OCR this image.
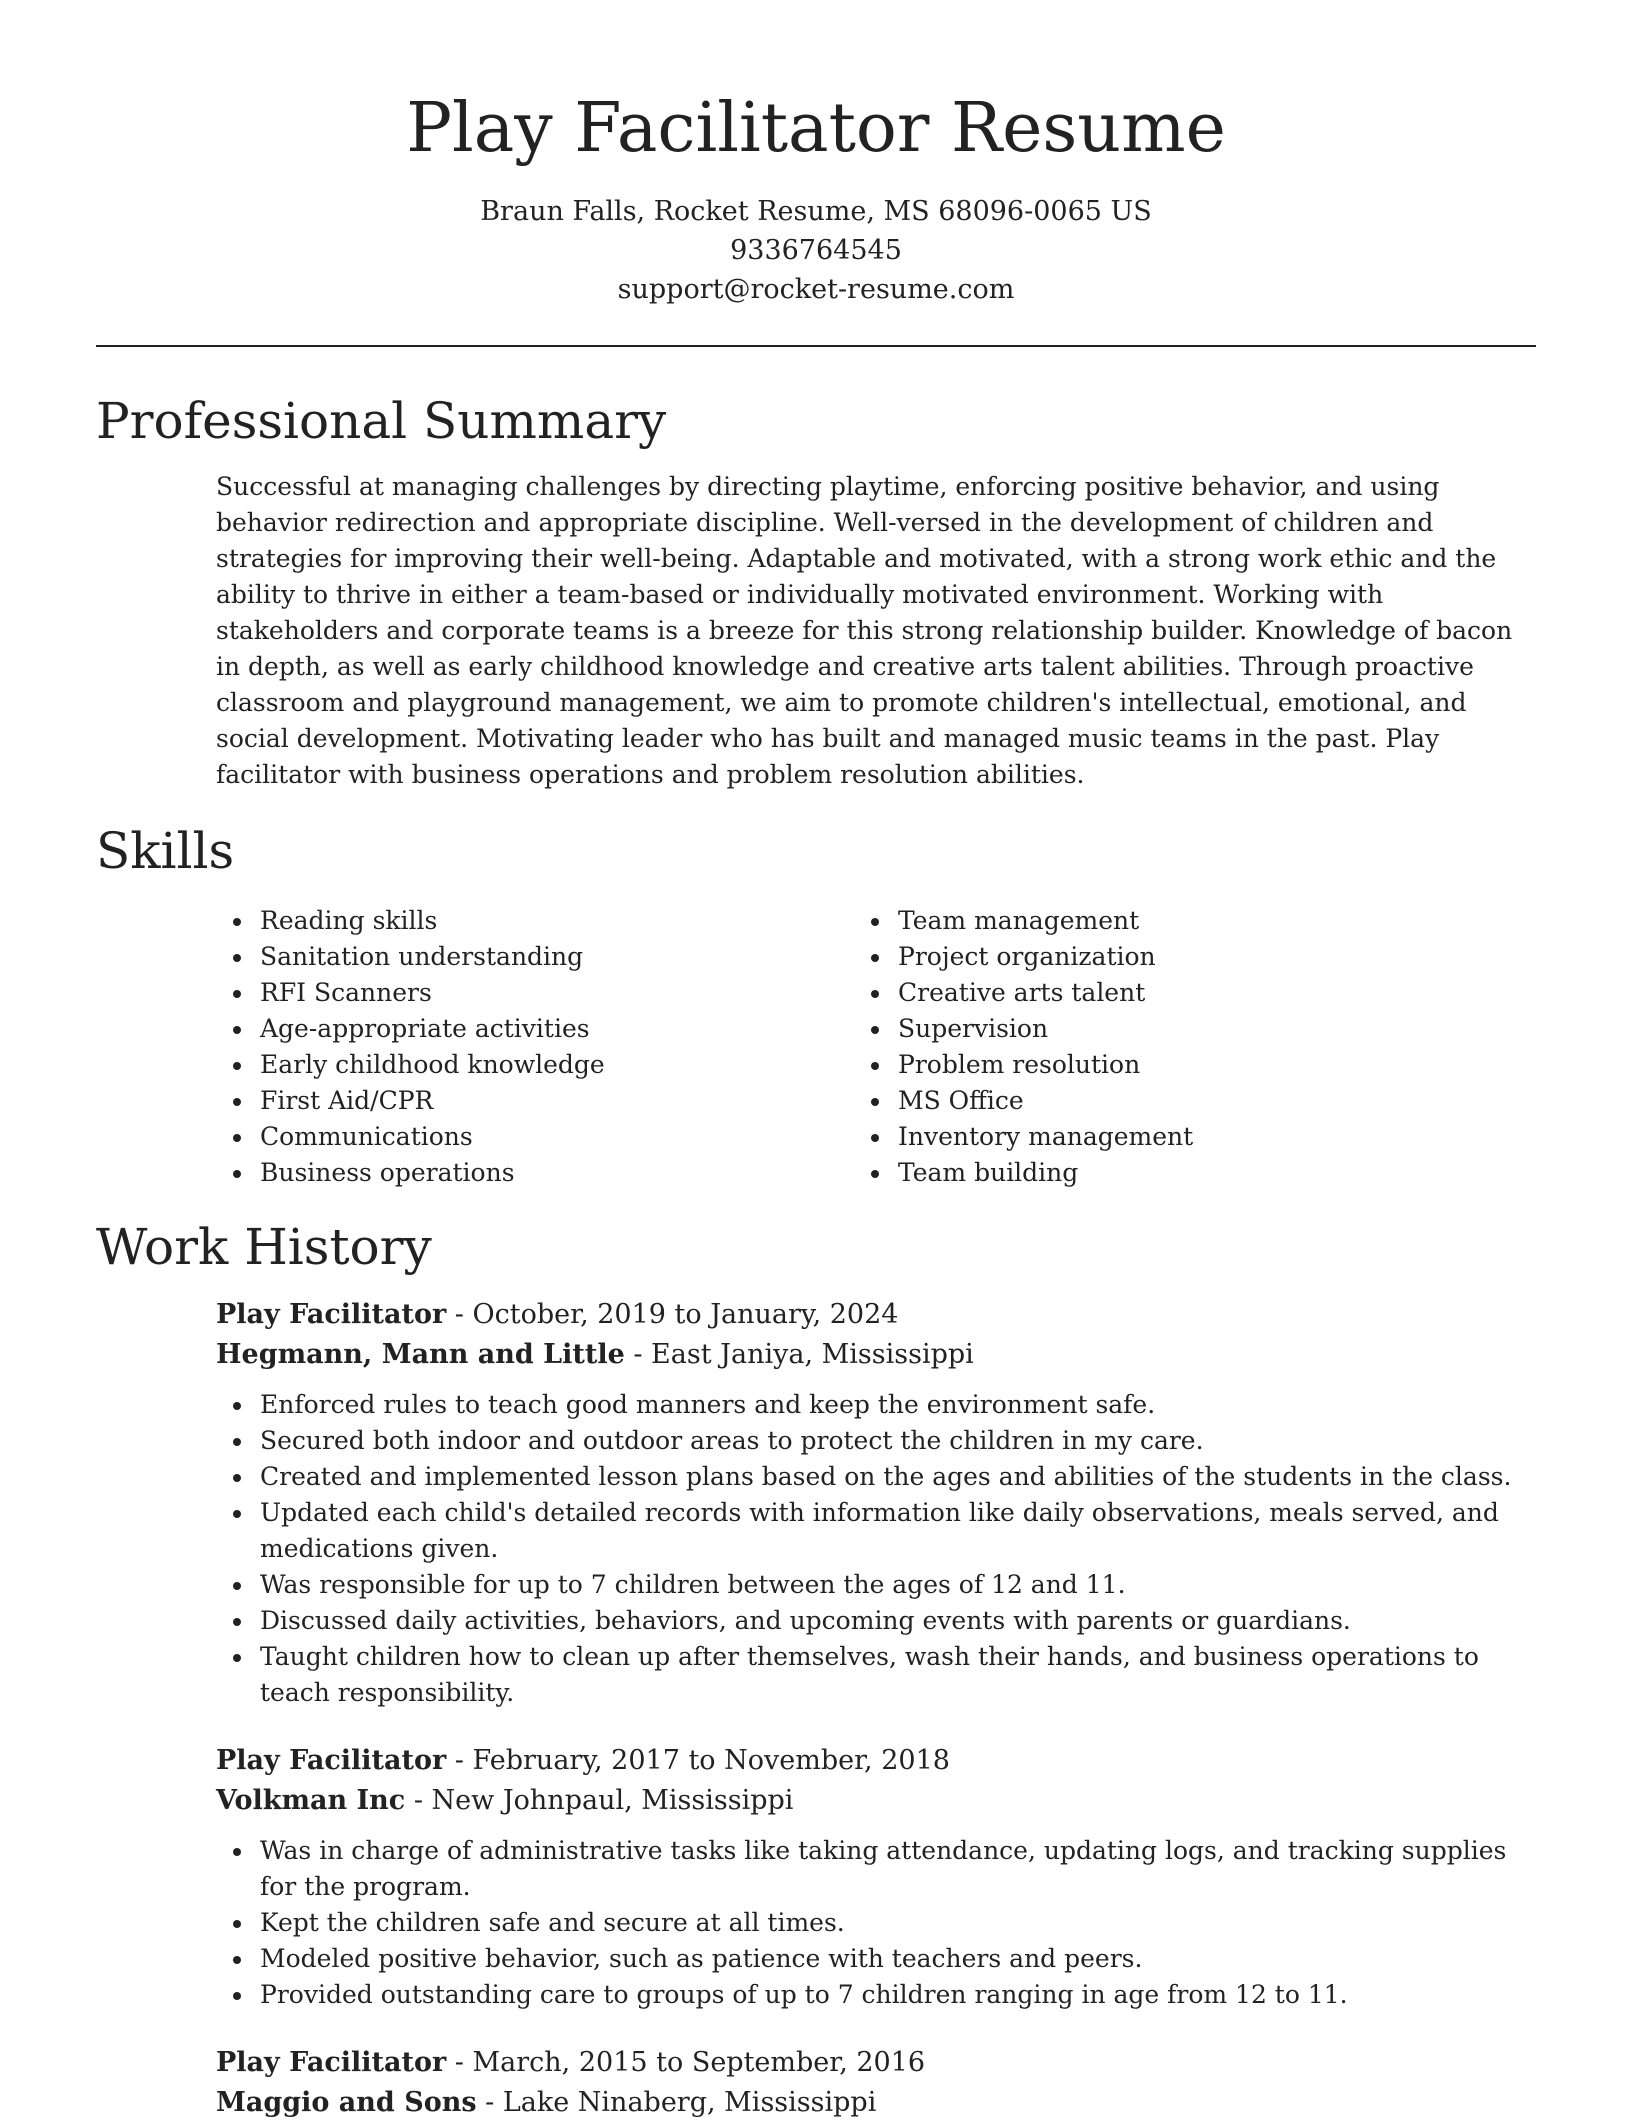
Play Facilitator Resume

Braun Falls, Rocket Resume, MS 68096-0065 US

9336764545

support@rocket-resume.com

Professional Summary

Successful at managing challenges by directing playtime, enforcing positive behavior, and using behavior redirection and appropriate discipline. Well-versed in the development of children and strategies for improving their well-being. Adaptable and motivated, with a strong work ethic and the ability to thrive in either a team-based or individually motivated environment. Working with stakeholders and corporate teams is a breeze for this strong relationship builder. Knowledge of bacon in depth, as well as early childhood knowledge and creative arts talent abilities. Through proactive classroom and playground management, we aim to promote children's intellectual, emotional, and social development. Motivating leader who has built and managed music teams in the past. Play facilitator with business operations and problem resolution abilities.

Skills
Reading skills
Sanitation understanding
RFI Scanners
Age-appropriate activities
Early childhood knowledge
First Aid/CPR
Communications
Business operations
Team management
Project organization
Creative arts talent
Supervision
Problem resolution
MS Office
Inventory management
Team building
Work History

Play Facilitator - October, 2019 to January, 2024

Hegmann, Mann and Little - East Janiya, Mississippi

Enforced rules to teach good manners and keep the environment safe.
Secured both indoor and outdoor areas to protect the children in my care.
Created and implemented lesson plans based on the ages and abilities of the students in the class.
Updated each child's detailed records with information like daily observations, meals served, and medications given.
Was responsible for up to 7 children between the ages of 12 and 11.
Discussed daily activities, behaviors, and upcoming events with parents or guardians.
Taught children how to clean up after themselves, wash their hands, and business operations to teach responsibility.

Play Facilitator - February, 2017 to November, 2018

Volkman Inc - New Johnpaul, Mississippi

Was in charge of administrative tasks like taking attendance, updating logs, and tracking supplies for the program.
Kept the children safe and secure at all times.
Modeled positive behavior, such as patience with teachers and peers.
Provided outstanding care to groups of up to 7 children ranging in age from 12 to 11.

Play Facilitator - March, 2015 to September, 2016

Maggio and Sons - Lake Ninaberg, Mississippi
